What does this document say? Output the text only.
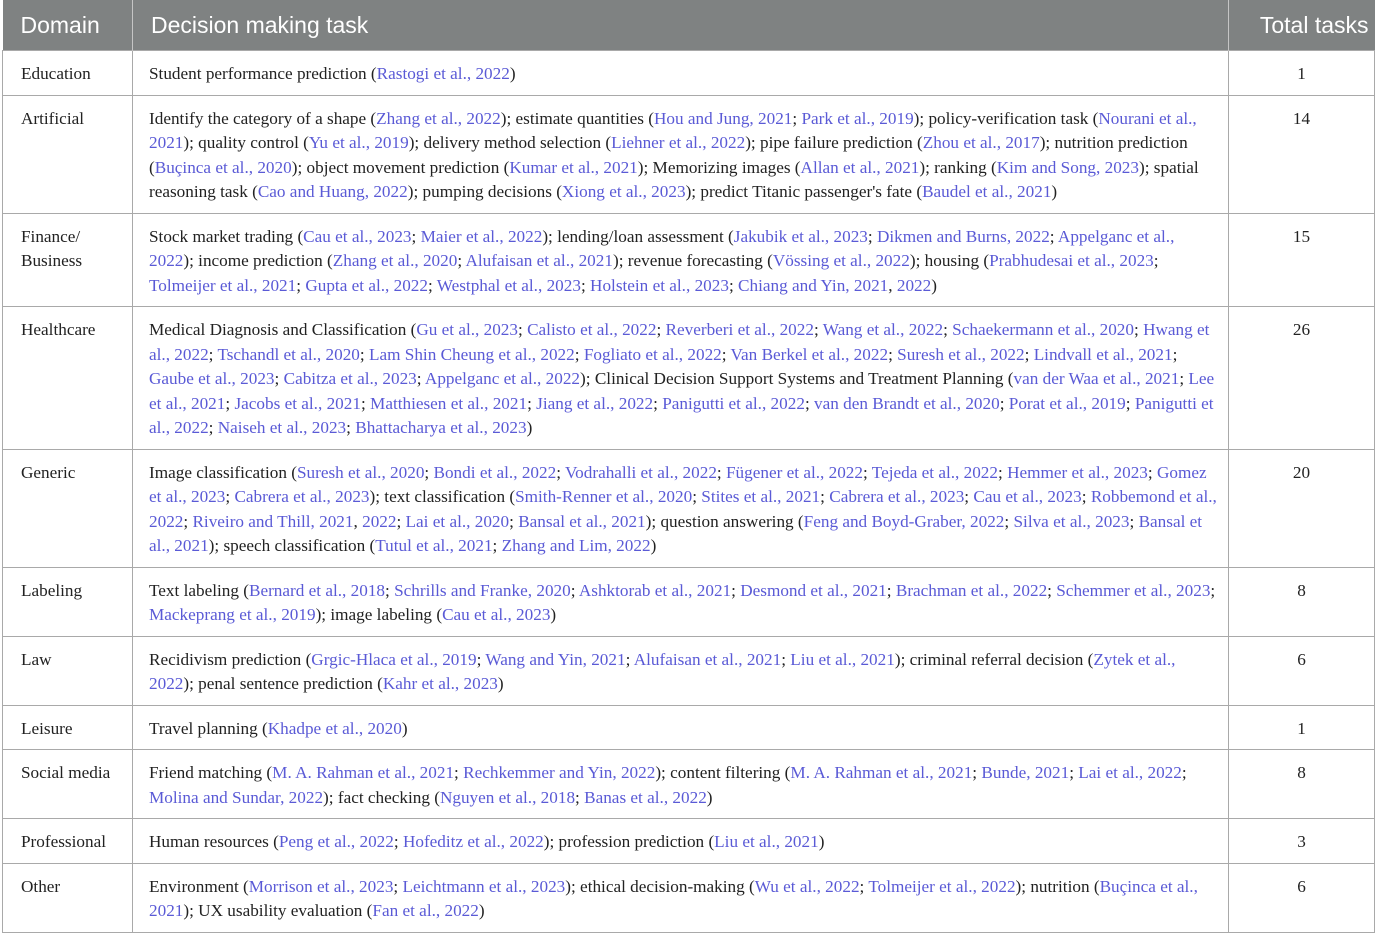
Domain	Decision making task	Total tasks
Education	Student performance prediction (Rastogi et al., 2022)	1
Artificial	Identify the category of a shape (Zhang et al., 2022); estimate quantities (Hou and Jung, 2021; Park et al., 2019); policy-verification task (Nourani et al., 2021); quality control (Yu et al., 2019); delivery method selection (Liehner et al., 2022); pipe failure prediction (Zhou et al., 2017); nutrition prediction (Buçinca et al., 2020); object movement prediction (Kumar et al., 2021); Memorizing images (Allan et al., 2021); ranking (Kim and Song, 2023); spatial reasoning task (Cao and Huang, 2022); pumping decisions (Xiong et al., 2023); predict Titanic passenger's fate (Baudel et al., 2021)	14
Finance/ Business	Stock market trading (Cau et al., 2023; Maier et al., 2022); lending/loan assessment (Jakubik et al., 2023; Dikmen and Burns, 2022; Appelganc et al., 2022); income prediction (Zhang et al., 2020; Alufaisan et al., 2021); revenue forecasting (Vössing et al., 2022); housing (Prabhudesai et al., 2023; Tolmeijer et al., 2021; Gupta et al., 2022; Westphal et al., 2023; Holstein et al., 2023; Chiang and Yin, 2021, 2022)	15
Healthcare	Medical Diagnosis and Classification (Gu et al., 2023; Calisto et al., 2022; Reverberi et al., 2022; Wang et al., 2022; Schaekermann et al., 2020; Hwang et al., 2022; Tschandl et al., 2020; Lam Shin Cheung et al., 2022; Fogliato et al., 2022; Van Berkel et al., 2022; Suresh et al., 2022; Lindvall et al., 2021; Gaube et al., 2023; Cabitza et al., 2023; Appelganc et al., 2022); Clinical Decision Support Systems and Treatment Planning (van der Waa et al., 2021; Lee et al., 2021; Jacobs et al., 2021; Matthiesen et al., 2021; Jiang et al., 2022; Panigutti et al., 2022; van den Brandt et al., 2020; Porat et al., 2019; Panigutti et al., 2022; Naiseh et al., 2023; Bhattacharya et al., 2023)	26
Generic	Image classification (Suresh et al., 2020; Bondi et al., 2022; Vodrahalli et al., 2022; Fügener et al., 2022; Tejeda et al., 2022; Hemmer et al., 2023; Gomez et al., 2023; Cabrera et al., 2023); text classification (Smith-Renner et al., 2020; Stites et al., 2021; Cabrera et al., 2023; Cau et al., 2023; Robbemond et al., 2022; Riveiro and Thill, 2021, 2022; Lai et al., 2020; Bansal et al., 2021); question answering (Feng and Boyd-Graber, 2022; Silva et al., 2023; Bansal et al., 2021); speech classification (Tutul et al., 2021; Zhang and Lim, 2022)	20
Labeling	Text labeling (Bernard et al., 2018; Schrills and Franke, 2020; Ashktorab et al., 2021; Desmond et al., 2021; Brachman et al., 2022; Schemmer et al., 2023; Mackeprang et al., 2019); image labeling (Cau et al., 2023)	8
Law	Recidivism prediction (Grgic-Hlaca et al., 2019; Wang and Yin, 2021; Alufaisan et al., 2021; Liu et al., 2021); criminal referral decision (Zytek et al., 2022); penal sentence prediction (Kahr et al., 2023)	6
Leisure	Travel planning (Khadpe et al., 2020)	1
Social media	Friend matching (M. A. Rahman et al., 2021; Rechkemmer and Yin, 2022); content filtering (M. A. Rahman et al., 2021; Bunde, 2021; Lai et al., 2022; Molina and Sundar, 2022); fact checking (Nguyen et al., 2018; Banas et al., 2022)	8
Professional	Human resources (Peng et al., 2022; Hofeditz et al., 2022); profession prediction (Liu et al., 2021)	3
Other	Environment (Morrison et al., 2023; Leichtmann et al., 2023); ethical decision-making (Wu et al., 2022; Tolmeijer et al., 2022); nutrition (Buçinca et al., 2021); UX usability evaluation (Fan et al., 2022)	6
